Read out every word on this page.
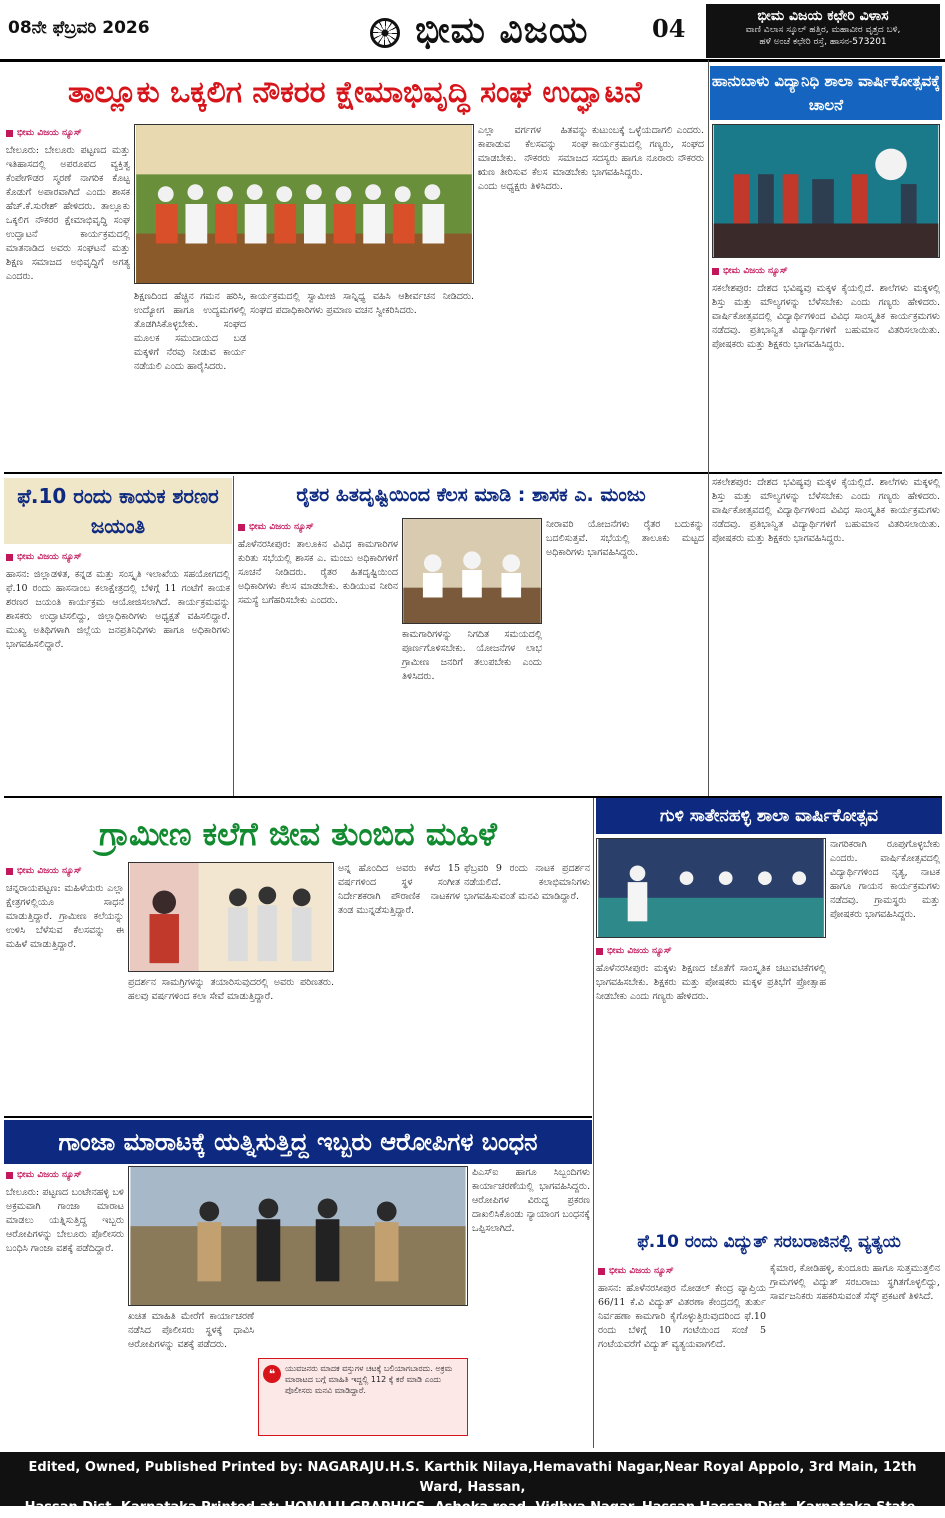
08ನೇ ಫೆಬ್ರವರಿ 2026	ಭೀಮ ವಿಜಯ	04	ಭೀಮ ವಿಜಯ ಕಛೇರಿ ವಿಳಾಸ
ವಾಣಿ ವಿಲಾಸ ಸ್ಕೂಲ್ ಹತ್ತಿರ, ಮಹಾವೀರ ವೃತ್ತದ ಬಳಿ,
ಹಳೆ ಅಂಚೆ ಕಛೇರಿ ರಸ್ತೆ, ಹಾಸನ-573201
ತಾಲ್ಲೂಕು ಒಕ್ಕಲಿಗ ನೌಕರರ ಕ್ಷೇಮಾಭಿವೃದ್ಧಿ ಸಂಘ ಉದ್ಘಾಟನೆ
ಭೀಮ ವಿಜಯ ನ್ಯೂಸ್
ಬೇಲೂರು: ಬೇಲೂರು ಪಟ್ಟಣದ ಮತ್ತು ಇತಿಹಾಸದಲ್ಲಿ ಅಪರೂಪದ ವ್ಯಕ್ತಿತ್ವ ಕೆಂಪೇಗೌಡರ ಸ್ಮರಣೆ ನಾಗರಿಕ ಕೊಟ್ಟ ಕೊಡುಗೆ ಅಪಾರವಾಗಿದೆ ಎಂದು ಶಾಸಕ ಹೆಚ್.ಕೆ.ಸುರೇಶ್ ಹೇಳಿದರು. ತಾಲ್ಲೂಕು ಒಕ್ಕಲಿಗ ನೌಕರರ ಕ್ಷೇಮಾಭಿವೃದ್ಧಿ ಸಂಘ ಉದ್ಘಾಟನೆ ಕಾರ್ಯಕ್ರಮದಲ್ಲಿ ಮಾತನಾಡಿದ ಅವರು ಸಂಘಟನೆ ಮತ್ತು ಶಿಕ್ಷಣ ಸಮಾಜದ ಅಭಿವೃದ್ಧಿಗೆ ಅಗತ್ಯ ಎಂದರು.
ಶಿಕ್ಷಣದಿಂದ ಹೆಚ್ಚಿನ ಗಮನ ಹರಿಸಿ, ಉದ್ಯೋಗ ಹಾಗೂ ಉದ್ಯಮಗಳಲ್ಲಿ ತೊಡಗಿಸಿಕೊಳ್ಳಬೇಕು. ಸಂಘದ ಮೂಲಕ ಸಮುದಾಯದ ಬಡ ಮಕ್ಕಳಿಗೆ ನೆರವು ನೀಡುವ ಕಾರ್ಯ ನಡೆಯಲಿ ಎಂದು ಹಾರೈಸಿದರು.
ಕಾರ್ಯಕ್ರಮದಲ್ಲಿ ಸ್ವಾಮೀಜಿ ಸಾನ್ನಿಧ್ಯ ವಹಿಸಿ ಆಶೀರ್ವಚನ ನೀಡಿದರು. ಸಂಘದ ಪದಾಧಿಕಾರಿಗಳು ಪ್ರಮಾಣ ವಚನ ಸ್ವೀಕರಿಸಿದರು.
ಎಲ್ಲಾ ವರ್ಗಗಳ ಹಿತವನ್ನು ಕಾಪಾಡುವ ಕೆಲಸವನ್ನು ಸಂಘ ಮಾಡಬೇಕು. ನೌಕರರು ಸಮಾಜದ ಋಣ ತೀರಿಸುವ ಕೆಲಸ ಮಾಡಬೇಕು ಎಂದು ಅಧ್ಯಕ್ಷರು ತಿಳಿಸಿದರು.
ಕುಟುಂಬಕ್ಕೆ ಒಳ್ಳೆಯದಾಗಲಿ ಎಂದರು. ಕಾರ್ಯಕ್ರಮದಲ್ಲಿ ಗಣ್ಯರು, ಸಂಘದ ಸದಸ್ಯರು ಹಾಗೂ ನೂರಾರು ನೌಕರರು ಭಾಗವಹಿಸಿದ್ದರು.
ಹಾನುಬಾಳು ವಿದ್ಯಾನಿಧಿ ಶಾಲಾ ವಾರ್ಷಿಕೋತ್ಸವಕ್ಕೆ ಚಾಲನೆ
ಭೀಮ ವಿಜಯ ನ್ಯೂಸ್
ಸಕಲೇಶಪುರ: ದೇಶದ ಭವಿಷ್ಯವು ಮಕ್ಕಳ ಕೈಯಲ್ಲಿದೆ. ಶಾಲೆಗಳು ಮಕ್ಕಳಲ್ಲಿ ಶಿಸ್ತು ಮತ್ತು ಮೌಲ್ಯಗಳನ್ನು ಬೆಳೆಸಬೇಕು ಎಂದು ಗಣ್ಯರು ಹೇಳಿದರು. ವಾರ್ಷಿಕೋತ್ಸವದಲ್ಲಿ ವಿದ್ಯಾರ್ಥಿಗಳಿಂದ ವಿವಿಧ ಸಾಂಸ್ಕೃತಿಕ ಕಾರ್ಯಕ್ರಮಗಳು ನಡೆದವು. ಪ್ರತಿಭಾನ್ವಿತ ವಿದ್ಯಾರ್ಥಿಗಳಿಗೆ ಬಹುಮಾನ ವಿತರಿಸಲಾಯಿತು. ಪೋಷಕರು ಮತ್ತು ಶಿಕ್ಷಕರು ಭಾಗವಹಿಸಿದ್ದರು.
ಫೆ.10 ರಂದು ಕಾಯಕ ಶರಣರ ಜಯಂತಿ
ಭೀಮ ವಿಜಯ ನ್ಯೂಸ್
ಹಾಸನ: ಜಿಲ್ಲಾಡಳಿತ, ಕನ್ನಡ ಮತ್ತು ಸಂಸ್ಕೃತಿ ಇಲಾಖೆಯ ಸಹಯೋಗದಲ್ಲಿ ಫೆ.10 ರಂದು ಹಾಸನಾಂಬ ಕಲಾಕ್ಷೇತ್ರದಲ್ಲಿ ಬೆಳಿಗ್ಗೆ 11 ಗಂಟೆಗೆ ಕಾಯಕ ಶರಣರ ಜಯಂತಿ ಕಾರ್ಯಕ್ರಮ ಆಯೋಜಿಸಲಾಗಿದೆ. ಕಾರ್ಯಕ್ರಮವನ್ನು ಶಾಸಕರು ಉದ್ಘಾಟಿಸಲಿದ್ದು, ಜಿಲ್ಲಾಧಿಕಾರಿಗಳು ಅಧ್ಯಕ್ಷತೆ ವಹಿಸಲಿದ್ದಾರೆ. ಮುಖ್ಯ ಅತಿಥಿಗಳಾಗಿ ಜಿಲ್ಲೆಯ ಜನಪ್ರತಿನಿಧಿಗಳು ಹಾಗೂ ಅಧಿಕಾರಿಗಳು ಭಾಗವಹಿಸಲಿದ್ದಾರೆ.
ರೈತರ ಹಿತದೃಷ್ಟಿಯಿಂದ ಕೆಲಸ ಮಾಡಿ : ಶಾಸಕ ಎ. ಮಂಜು
ಭೀಮ ವಿಜಯ ನ್ಯೂಸ್
ಹೊಳೆನರಸೀಪುರ: ತಾಲೂಕಿನ ವಿವಿಧ ಕಾಮಗಾರಿಗಳ ಕುರಿತು ಸಭೆಯಲ್ಲಿ ಶಾಸಕ ಎ. ಮಂಜು ಅಧಿಕಾರಿಗಳಿಗೆ ಸೂಚನೆ ನೀಡಿದರು. ರೈತರ ಹಿತದೃಷ್ಟಿಯಿಂದ ಅಧಿಕಾರಿಗಳು ಕೆಲಸ ಮಾಡಬೇಕು. ಕುಡಿಯುವ ನೀರಿನ ಸಮಸ್ಯೆ ಬಗೆಹರಿಸಬೇಕು ಎಂದರು.
ಕಾಮಗಾರಿಗಳನ್ನು ನಿಗದಿತ ಸಮಯದಲ್ಲಿ ಪೂರ್ಣಗೊಳಿಸಬೇಕು. ಯೋಜನೆಗಳ ಲಾಭ ಗ್ರಾಮೀಣ ಜನರಿಗೆ ತಲುಪಬೇಕು ಎಂದು ತಿಳಿಸಿದರು.
ನೀರಾವರಿ ಯೋಜನೆಗಳು ರೈತರ ಬದುಕನ್ನು ಬದಲಿಸುತ್ತವೆ. ಸಭೆಯಲ್ಲಿ ತಾಲೂಕು ಮಟ್ಟದ ಅಧಿಕಾರಿಗಳು ಭಾಗವಹಿಸಿದ್ದರು.
ಸಕಲೇಶಪುರ: ದೇಶದ ಭವಿಷ್ಯವು ಮಕ್ಕಳ ಕೈಯಲ್ಲಿದೆ. ಶಾಲೆಗಳು ಮಕ್ಕಳಲ್ಲಿ ಶಿಸ್ತು ಮತ್ತು ಮೌಲ್ಯಗಳನ್ನು ಬೆಳೆಸಬೇಕು ಎಂದು ಗಣ್ಯರು ಹೇಳಿದರು. ವಾರ್ಷಿಕೋತ್ಸವದಲ್ಲಿ ವಿದ್ಯಾರ್ಥಿಗಳಿಂದ ವಿವಿಧ ಸಾಂಸ್ಕೃತಿಕ ಕಾರ್ಯಕ್ರಮಗಳು ನಡೆದವು. ಪ್ರತಿಭಾನ್ವಿತ ವಿದ್ಯಾರ್ಥಿಗಳಿಗೆ ಬಹುಮಾನ ವಿತರಿಸಲಾಯಿತು. ಪೋಷಕರು ಮತ್ತು ಶಿಕ್ಷಕರು ಭಾಗವಹಿಸಿದ್ದರು.
ಗ್ರಾಮೀಣ ಕಲೆಗೆ ಜೀವ ತುಂಬಿದ ಮಹಿಳೆ
ಭೀಮ ವಿಜಯ ನ್ಯೂಸ್
ಚನ್ನರಾಯಪಟ್ಟಣ: ಮಹಿಳೆಯರು ಎಲ್ಲಾ ಕ್ಷೇತ್ರಗಳಲ್ಲಿಯೂ ಸಾಧನೆ ಮಾಡುತ್ತಿದ್ದಾರೆ. ಗ್ರಾಮೀಣ ಕಲೆಯನ್ನು ಉಳಿಸಿ ಬೆಳೆಸುವ ಕೆಲಸವನ್ನು ಈ ಮಹಿಳೆ ಮಾಡುತ್ತಿದ್ದಾರೆ.
ಪ್ರದರ್ಶನ ಸಾಮಗ್ರಿಗಳನ್ನು ತಯಾರಿಸುವುದರಲ್ಲಿ ಅವರು ಪರಿಣತರು. ಹಲವು ವರ್ಷಗಳಿಂದ ಕಲಾ ಸೇವೆ ಮಾಡುತ್ತಿದ್ದಾರೆ.
ಅನ್ನ ಹೊಂದಿದ ಅವರು ಕಳೆದ 15 ವರ್ಷಗಳಿಂದ ಸ್ಥಳ ಸಂಗೀತ ನಿರ್ದೇಶಕರಾಗಿ ಪೌರಾಣಿಕ ನಾಟಕಗಳ ತಂಡ ಮುನ್ನಡೆಸುತ್ತಿದ್ದಾರೆ.
ಫೆಬ್ರವರಿ 9 ರಂದು ನಾಟಕ ಪ್ರದರ್ಶನ ನಡೆಯಲಿದೆ. ಕಲಾಭಿಮಾನಿಗಳು ಭಾಗವಹಿಸುವಂತೆ ಮನವಿ ಮಾಡಿದ್ದಾರೆ.
ಗುಳಿ ಸಾತೇನಹಳ್ಳಿ ಶಾಲಾ ವಾರ್ಷಿಕೋತ್ಸವ
ಭೀಮ ವಿಜಯ ನ್ಯೂಸ್
ಹೊಳೆನರಸೀಪುರ: ಮಕ್ಕಳು ಶಿಕ್ಷಣದ ಜೊತೆಗೆ ಸಾಂಸ್ಕೃತಿಕ ಚಟುವಟಿಕೆಗಳಲ್ಲಿ ಭಾಗವಹಿಸಬೇಕು. ಶಿಕ್ಷಕರು ಮತ್ತು ಪೋಷಕರು ಮಕ್ಕಳ ಪ್ರತಿಭೆಗೆ ಪ್ರೋತ್ಸಾಹ ನೀಡಬೇಕು ಎಂದು ಗಣ್ಯರು ಹೇಳಿದರು.
ನಾಗರಿಕರಾಗಿ ರೂಪುಗೊಳ್ಳಬೇಕು ಎಂದರು. ವಾರ್ಷಿಕೋತ್ಸವದಲ್ಲಿ ವಿದ್ಯಾರ್ಥಿಗಳಿಂದ ನೃತ್ಯ, ನಾಟಕ ಹಾಗೂ ಗಾಯನ ಕಾರ್ಯಕ್ರಮಗಳು ನಡೆದವು. ಗ್ರಾಮಸ್ಥರು ಮತ್ತು ಪೋಷಕರು ಭಾಗವಹಿಸಿದ್ದರು.
ಗಾಂಜಾ ಮಾರಾಟಕ್ಕೆ ಯತ್ನಿಸುತ್ತಿದ್ದ ಇಬ್ಬರು ಆರೋಪಿಗಳ ಬಂಧನ
ಭೀಮ ವಿಜಯ ನ್ಯೂಸ್
ಬೇಲೂರು: ಪಟ್ಟಣದ ಬಂಟೇನಹಳ್ಳಿ ಬಳಿ ಅಕ್ರಮವಾಗಿ ಗಾಂಜಾ ಮಾರಾಟ ಮಾಡಲು ಯತ್ನಿಸುತ್ತಿದ್ದ ಇಬ್ಬರು ಆರೋಪಿಗಳನ್ನು ಬೇಲೂರು ಪೊಲೀಸರು ಬಂಧಿಸಿ ಗಾಂಜಾ ವಶಕ್ಕೆ ಪಡೆದಿದ್ದಾರೆ.
ಖಚಿತ ಮಾಹಿತಿ ಮೇರೆಗೆ ಕಾರ್ಯಾಚರಣೆ ನಡೆಸಿದ ಪೊಲೀಸರು ಸ್ಥಳಕ್ಕೆ ಧಾವಿಸಿ ಆರೋಪಿಗಳನ್ನು ವಶಕ್ಕೆ ಪಡೆದರು.
ಪಿಎಸ್ಐ ಹಾಗೂ ಸಿಬ್ಬಂದಿಗಳು ಕಾರ್ಯಾಚರಣೆಯಲ್ಲಿ ಭಾಗವಹಿಸಿದ್ದರು. ಆರೋಪಿಗಳ ವಿರುದ್ಧ ಪ್ರಕರಣ ದಾಖಲಿಸಿಕೊಂಡು ನ್ಯಾಯಾಂಗ ಬಂಧನಕ್ಕೆ ಒಪ್ಪಿಸಲಾಗಿದೆ.
❝	ಯುವಜನರು ಮಾದಕ ವಸ್ತುಗಳ ಚಟಕ್ಕೆ ಬಲಿಯಾಗಬಾರದು. ಅಕ್ರಮ ಮಾರಾಟದ ಬಗ್ಗೆ ಮಾಹಿತಿ ಇದ್ದಲ್ಲಿ 112 ಕ್ಕೆ ಕರೆ ಮಾಡಿ ಎಂದು ಪೊಲೀಸರು ಮನವಿ ಮಾಡಿದ್ದಾರೆ.
ಫೆ.10 ರಂದು ವಿದ್ಯುತ್ ಸರಬರಾಜಿನಲ್ಲಿ ವ್ಯತ್ಯಯ
ಭೀಮ ವಿಜಯ ನ್ಯೂಸ್
ಹಾಸನ: ಹೊಳೆನರಸೀಪುರ ನೋಡಲ್ ಕೇಂದ್ರ ವ್ಯಾಪ್ತಿಯ 66/11 ಕೆ.ವಿ ವಿದ್ಯುತ್ ವಿತರಣಾ ಕೇಂದ್ರದಲ್ಲಿ ತುರ್ತು ನಿರ್ವಹಣಾ ಕಾಮಗಾರಿ ಕೈಗೊಳ್ಳುತ್ತಿರುವುದರಿಂದ ಫೆ.10 ರಂದು ಬೆಳಿಗ್ಗೆ 10 ಗಂಟೆಯಿಂದ ಸಂಜೆ 5 ಗಂಟೆಯವರೆಗೆ ವಿದ್ಯುತ್ ವ್ಯತ್ಯಯವಾಗಲಿದೆ.
ಕೈಮಾರ, ಕೋಡಿಹಳ್ಳಿ, ಕುಂದೂರು ಹಾಗೂ ಸುತ್ತಮುತ್ತಲಿನ ಗ್ರಾಮಗಳಲ್ಲಿ ವಿದ್ಯುತ್ ಸರಬರಾಜು ಸ್ಥಗಿತಗೊಳ್ಳಲಿದ್ದು, ಸಾರ್ವಜನಿಕರು ಸಹಕರಿಸುವಂತೆ ಸೆಸ್ಕ್ ಪ್ರಕಟಣೆ ತಿಳಿಸಿದೆ.
Edited, Owned, Published Printed by: NAGARAJU.H.S. Karthik Nilaya,Hemavathi Nagar,Near Royal Appolo, 3rd Main, 12th Ward, Hassan,
Hassan Dist. Karnataka Printed at: HONALU GRAPHICS, Ashoka road, Vidhya Nagar, Hassan Hassan Dist. Karnataka State.
